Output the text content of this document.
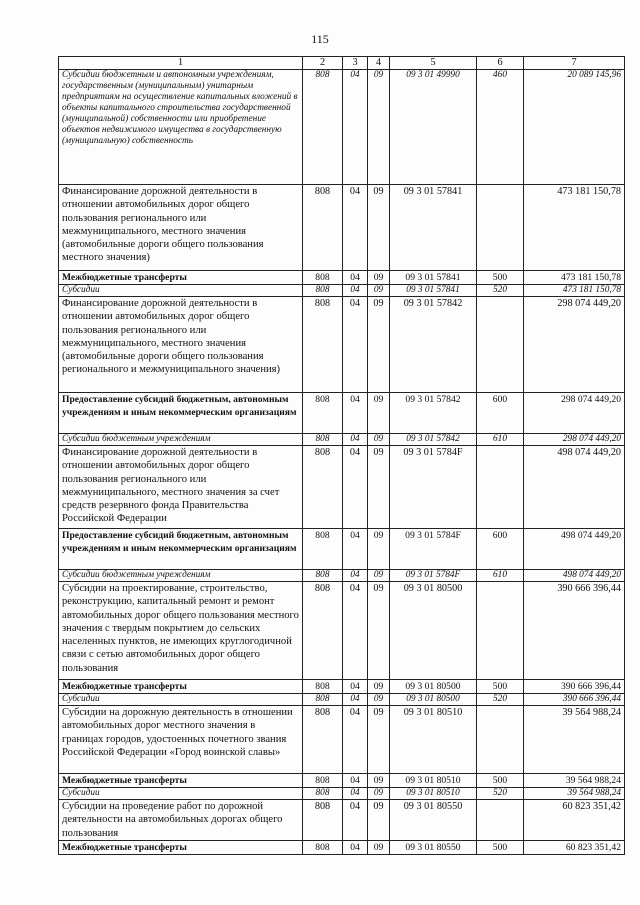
115
1	2	3	4	5	6	7
Субсидии бюджетным и автономным учреждениям, государственным (муниципальным) унитарным предприятиям на осуществление капитальных вложений в объекты капитального строительства государственной (муниципальной) собственности или приобретение объектов недвижимого имущества в государственную (муниципальную) собственность	808	04	09	09 3 01 49990	460	20 089 145,96
Финансирование дорожной деятельности в отношении автомобильных дорог общего пользования регионального или межмуниципального, местного значения (автомобильные дороги общего пользования местного значения)	808	04	09	09 3 01 57841		473 181 150,78
Межбюджетные трансферты	808	04	09	09 3 01 57841	500	473 181 150,78
Субсидии	808	04	09	09 3 01 57841	520	473 181 150,78
Финансирование дорожной деятельности в отношении автомобильных дорог общего пользования регионального или межмуниципального, местного значения (автомобильные дороги общего пользования регионального и межмуниципального значения)	808	04	09	09 3 01 57842		298 074 449,20
Предоставление субсидий бюджетным, автономным учреждениям и иным некоммерческим организациям	808	04	09	09 3 01 57842	600	298 074 449,20
Субсидии бюджетным учреждениям	808	04	09	09 3 01 57842	610	298 074 449,20
Финансирование дорожной деятельности в отношении автомобильных дорог общего пользования регионального или межмуниципального, местного значения за счет средств резервного фонда Правительства Российской Федерации	808	04	09	09 3 01 5784F		498 074 449,20
Предоставление субсидий бюджетным, автономным учреждениям и иным некоммерческим организациям	808	04	09	09 3 01 5784F	600	498 074 449,20
Субсидии бюджетным учреждениям	808	04	09	09 3 01 5784F	610	498 074 449,20
Субсидии на проектирование, строительство, реконструкцию, капитальный ремонт и ремонт автомобильных дорог общего пользования местного значения с твердым покрытием до сельских населенных пунктов, не имеющих круглогодичной связи с сетью автомобильных дорог общего пользования	808	04	09	09 3 01 80500		390 666 396,44
Межбюджетные трансферты	808	04	09	09 3 01 80500	500	390 666 396,44
Субсидии	808	04	09	09 3 01 80500	520	390 666 396,44
Субсидии на дорожную деятельность в отношении автомобильных дорог местного значения в границах городов, удостоенных почетного звания Российской Федерации «Город воинской славы»	808	04	09	09 3 01 80510		39 564 988,24
Межбюджетные трансферты	808	04	09	09 3 01 80510	500	39 564 988,24
Субсидии	808	04	09	09 3 01 80510	520	39 564 988,24
Субсидии на проведение работ по дорожной деятельности на автомобильных дорогах общего пользования	808	04	09	09 3 01 80550		60 823 351,42
Межбюджетные трансферты	808	04	09	09 3 01 80550	500	60 823 351,42
